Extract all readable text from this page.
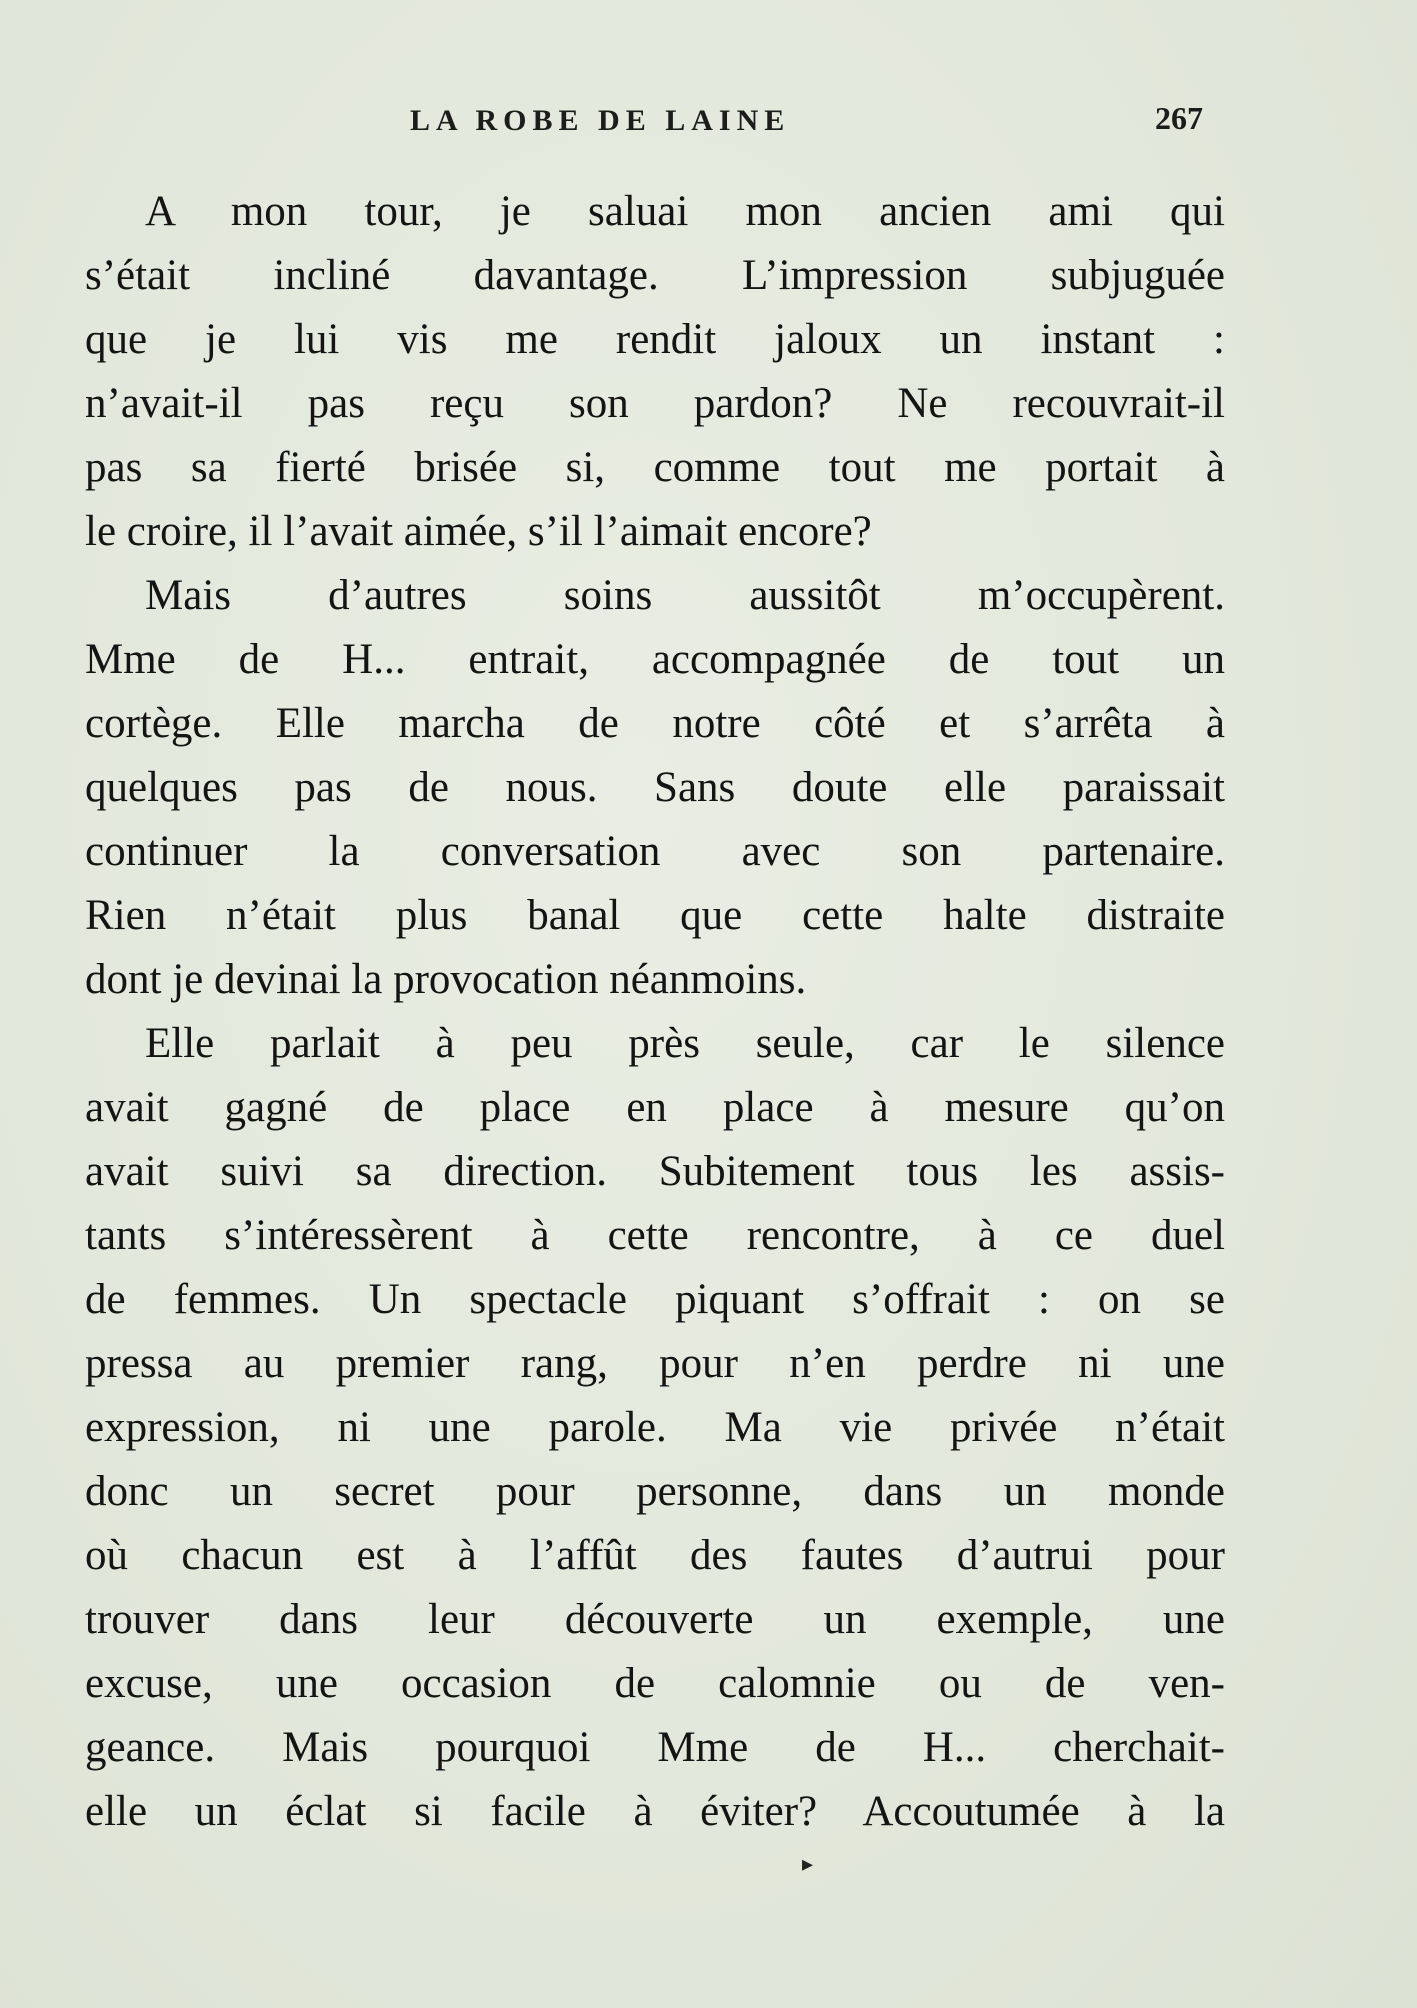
LA ROBE DE LAINE	267
A mon tour, je saluai mon ancien ami qui
s’était incliné davantage. L’impression subjuguée
que je lui vis me rendit jaloux un instant :
n’avait-il pas reçu son pardon? Ne recouvrait-il
pas sa fierté brisée si, comme tout me portait à
le croire, il l’avait aimée, s’il l’aimait encore?
Mais d’autres soins aussitôt m’occupèrent.
Mme de H... entrait, accompagnée de tout un
cortège. Elle marcha de notre côté et s’arrêta à
quelques pas de nous. Sans doute elle paraissait
continuer la conversation avec son partenaire.
Rien n’était plus banal que cette halte distraite
dont je devinai la provocation néanmoins.
Elle parlait à peu près seule, car le silence
avait gagné de place en place à mesure qu’on
avait suivi sa direction. Subitement tous les assis-
tants s’intéressèrent à cette rencontre, à ce duel
de femmes. Un spectacle piquant s’offrait : on se
pressa au premier rang, pour n’en perdre ni une
expression, ni une parole. Ma vie privée n’était
donc un secret pour personne, dans un monde
où chacun est à l’affût des fautes d’autrui pour
trouver dans leur découverte un exemple, une
excuse, une occasion de calomnie ou de ven-
geance. Mais pourquoi Mme de H... cherchait-
elle un éclat si facile à éviter? Accoutumée à la
▸
